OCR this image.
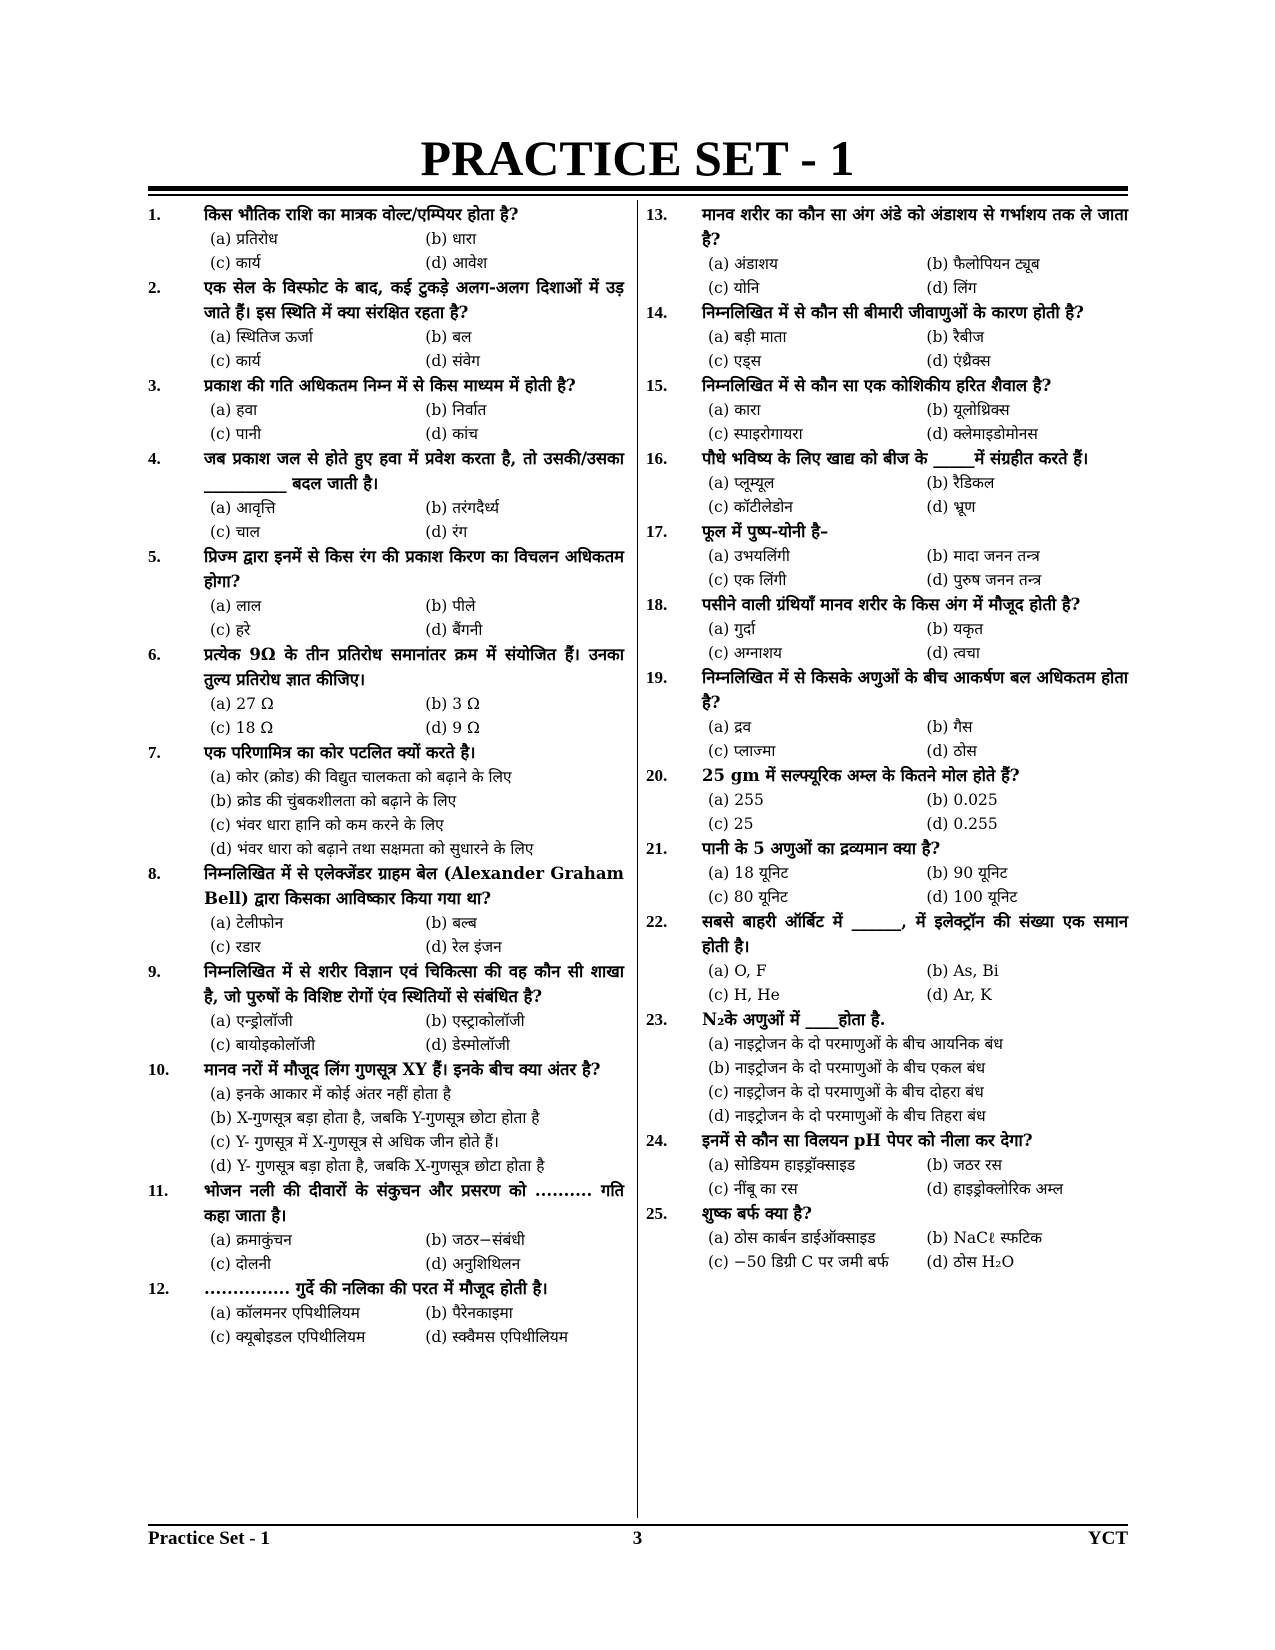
PRACTICE SET - 1
1.	किस भौतिक राशि का मात्रक वोल्ट/एम्पियर होता है?
(a) प्रतिरोध	(b) धारा
(c) कार्य	(d) आवेश
2.	एक सेल के विस्फोट के बाद, कई टुकड़े अलग-अलग दिशाओं में उड़ जाते हैं। इस स्थिति में क्या संरक्षित रहता है?
(a) स्थितिज ऊर्जा	(b) बल
(c) कार्य	(d) संवेग
3.	प्रकाश की गति अधिकतम निम्न में से किस माध्यम में होती है?
(a) हवा	(b) निर्वात
(c) पानी	(d) कांच
4.	जब प्रकाश जल से होते हुए हवा में प्रवेश करता है, तो उसकी/उसका __________ बदल जाती है।
(a) आवृत्ति	(b) तरंगदैर्ध्य
(c) चाल	(d) रंग
5.	प्रिज्म द्वारा इनमें से किस रंग की प्रकाश किरण का विचलन अधिकतम होगा?
(a) लाल	(b) पीले
(c) हरे	(d) बैंगनी
6.	प्रत्येक 9Ω के तीन प्रतिरोध समानांतर क्रम में संयोजित हैं। उनका तुल्य प्रतिरोध ज्ञात कीजिए।
(a) 27 Ω	(b) 3 Ω
(c) 18 Ω	(d) 9 Ω
7.	एक परिणामित्र का कोर पटलित क्यों करते है।
(a) कोर (क्रोड) की विद्युत चालकता को बढ़ाने के लिए
(b) क्रोड की चुंबकशीलता को बढ़ाने के लिए
(c) भंवर धारा हानि को कम करने के लिए
(d) भंवर धारा को बढ़ाने तथा सक्षमता को सुधारने के लिए
8.	निम्नलिखित में से एलेक्जेंडर ग्राहम बेल (Alexander Graham Bell) द्वारा किसका आविष्कार किया गया था?
(a) टेलीफोन	(b) बल्ब
(c) रडार	(d) रेल इंजन
9.	निम्नलिखित में से शरीर विज्ञान एवं चिकित्सा की वह कौन सी शाखा है, जो पुरुषों के विशिष्ट रोगों एंव स्थितियों से संबंधित है?
(a) एन्ड्रोलॉजी	(b) एस्ट्राकोलॉजी
(c) बायोइकोलॉजी	(d) डेस्मोलॉजी
10. मानव नरों में मौजूद लिंग गुणसूत्र XY हैं। इनके बीच क्या अंतर है?
(a) इनके आकार में कोई अंतर नहीं होता है
(b) X-गुणसूत्र बड़ा होता है, जबकि Y-गुणसूत्र छोटा होता है
(c) Y- गुणसूत्र में X-गुणसूत्र से अधिक जीन होते हैं।
(d) Y- गुणसूत्र बड़ा होता है, जबकि X-गुणसूत्र छोटा होता है
11. भोजन नली की दीवारों के संकुचन और प्रसरण को .......... गति कहा जाता है।
(a) क्रमाकुंचन	(b) जठर−संबंधी
(c) दोलनी	(d) अनुशिथिलन
12. ............... गुर्दे की नलिका की परत में मौजूद होती है।
(a) कॉलमनर एपिथीलियम	(b) पैरेनकाइमा
(c) क्यूबोइडल एपिथीलियम	(d) स्क्वैमस एपिथीलियम
13. मानव शरीर का कौन सा अंग अंडे को अंडाशय से गर्भाशय तक ले जाता है?
(a) अंडाशय	(b) फैलोपियन ट्यूब
(c) योनि	(d) लिंग
14. निम्नलिखित में से कौन सी बीमारी जीवाणुओं के कारण होती है?
(a) बड़ी माता	(b) रैबीज
(c) एड्स	(d) एंथ्रैक्स
15. निम्नलिखित में से कौन सा एक कोशिकीय हरित शैवाल है?
(a) कारा	(b) यूलोथ्रिक्स
(c) स्पाइरोगायरा	(d) क्लेमाइडोमोनस
16. पौधे भविष्य के लिए खाद्य को बीज के _____में संग्रहीत करते हैं।
(a) प्लूम्यूल	(b) रैडिकल
(c) कॉटीलेडोन	(d) भ्रूण
17. फूल में पुष्प-योनी है–
(a) उभयलिंगी	(b) मादा जनन तन्त्र
(c) एक लिंगी	(d) पुरुष जनन तन्त्र
18. पसीने वाली ग्रंथियाँ मानव शरीर के किस अंग में मौजूद होती है?
(a) गुर्दा	(b) यकृत
(c) अग्नाशय	(d) त्वचा
19. निम्नलिखित में से किसके अणुओं के बीच आकर्षण बल अधिकतम होता है?
(a) द्रव	(b) गैस
(c) प्लाज्मा	(d) ठोस
20. 25 gm में सल्फ्यूरिक अम्ल के कितने मोल होते हैं?
(a) 255	(b) 0.025
(c) 25	(d) 0.255
21. पानी के 5 अणुओं का द्रव्यमान क्या है?
(a) 18 यूनिट	(b) 90 यूनिट
(c) 80 यूनिट	(d) 100 यूनिट
22. सबसे बाहरी ऑर्बिट में ______, में इलेक्ट्रॉन की संख्या एक समान होती है।
(a) O, F	(b) As, Bi
(c) H, He	(d) Ar, K
23. N₂के अणुओं में ____होता है.
(a) नाइट्रोजन के दो परमाणुओं के बीच आयनिक बंध
(b) नाइट्रोजन के दो परमाणुओं के बीच एकल बंध
(c) नाइट्रोजन के दो परमाणुओं के बीच दोहरा बंध
(d) नाइट्रोजन के दो परमाणुओं के बीच तिहरा बंध
24. इनमें से कौन सा विलयन pH पेपर को नीला कर देगा?
(a) सोडियम हाइड्रॉक्साइड	(b) जठर रस
(c) नींबू का रस	(d) हाइड्रोक्लोरिक अम्ल
25. शुष्क बर्फ क्या है?
(a) ठोस कार्बन डाईऑक्साइड	(b) NaCℓ स्फटिक
(c) −50 डिग्री C पर जमी बर्फ	(d) ठोस H₂O
Practice Set - 1	3	YCT
